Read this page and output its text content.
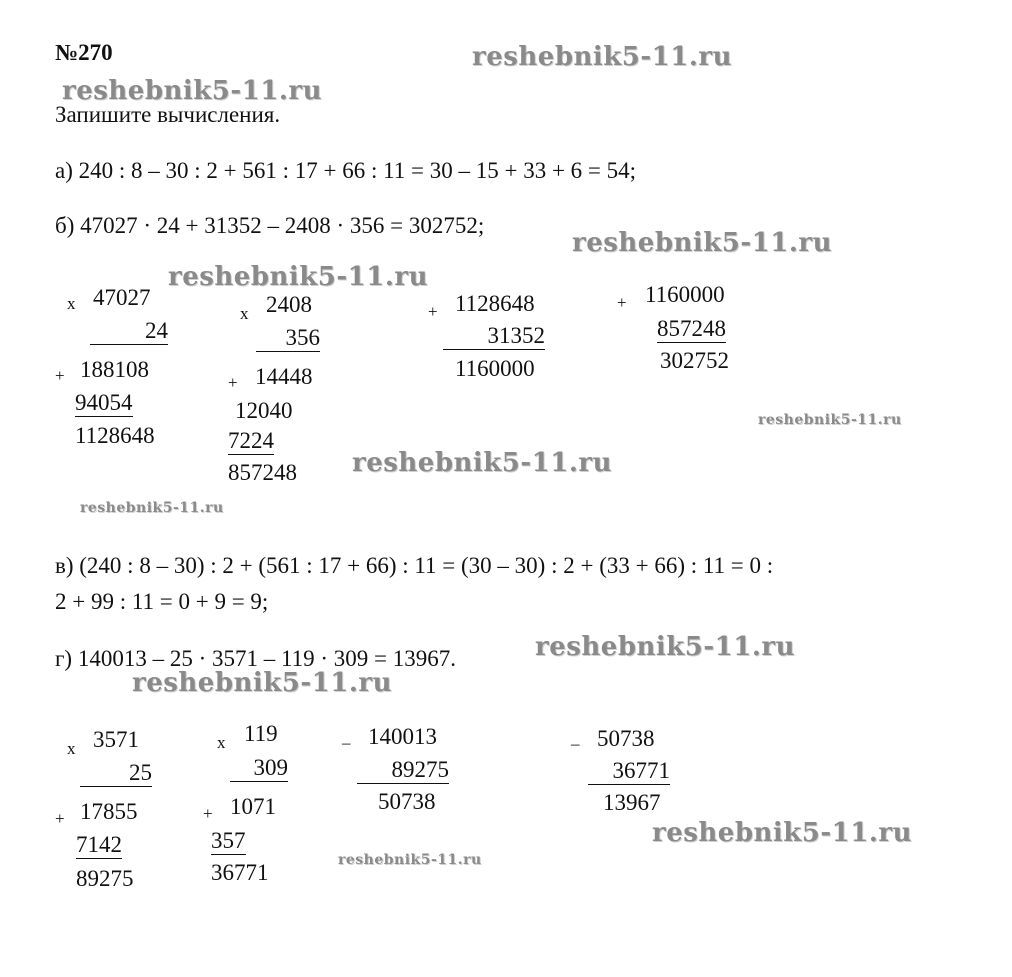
№270
Запишите вычисления.
reshebnik5-11.ru
reshebnik5-11.ru
reshebnik5-11.ru
reshebnik5-11.ru
reshebnik5-11.ru
reshebnik5-11.ru
reshebnik5-11.ru
reshebnik5-11.ru
reshebnik5-11.ru
reshebnik5-11.ru
reshebnik5-11.ru
а) 240 : 8 – 30 : 2 + 561 : 17 + 66 : 11 = 30 – 15 + 33 + 6 = 54;
б) 47027 · 24 + 31352 – 2408 · 356 = 302752;
в) (240 : 8 – 30) : 2 + (561 : 17 + 66) : 11 = (30 – 30) : 2 + (33 + 66) : 11 = 0 :
2 + 99 : 11 = 0 + 9 = 9;
г) 140013 – 25 · 3571 – 119 · 309 = 13967.
x 47027
24
+ 188108
94054
1128648
x 2408
356
+ 14448
12040
7224
857248
+ 1128648
31352
1160000
+ 1160000
857248
302752
x 3571
25
+ 17855
7142
89275
x 119
309
+ 1071
357
36771
– 140013
89275
50738
– 50738
36771
13967
